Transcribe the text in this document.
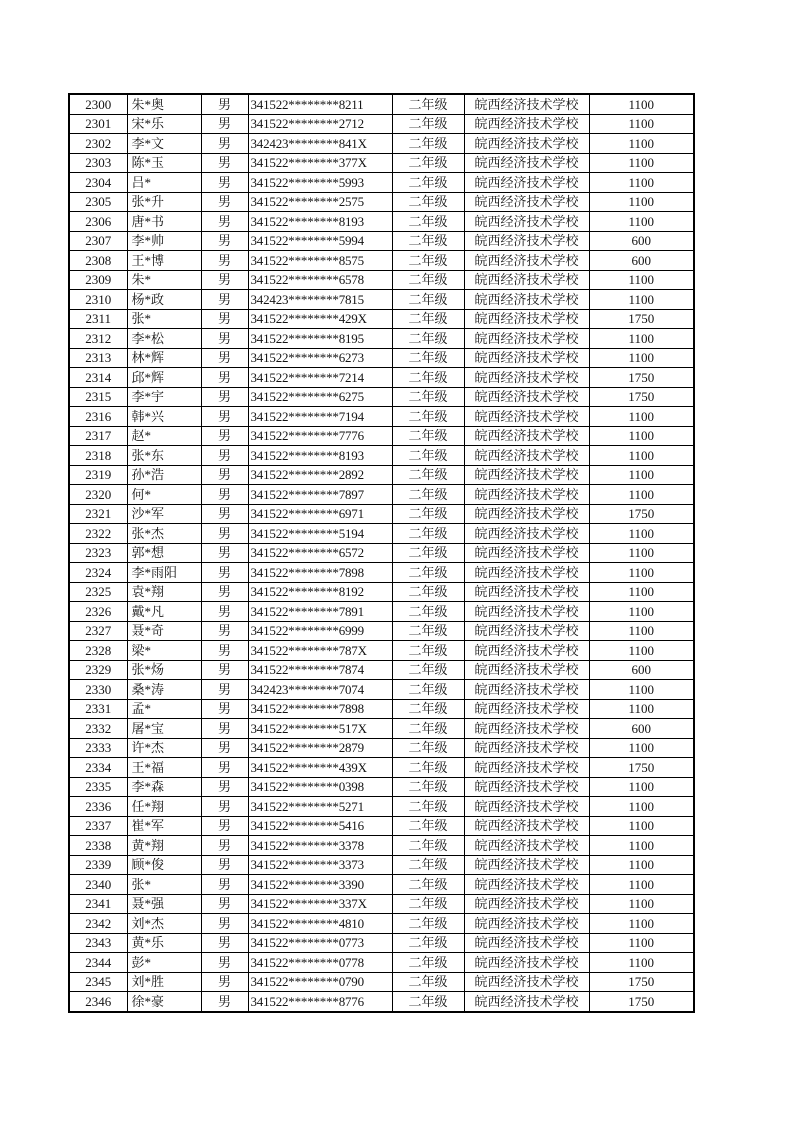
2300	朱*奥	男	341522********8211	二年级	皖西经济技术学校	1100
2301	宋*乐	男	341522********2712	二年级	皖西经济技术学校	1100
2302	李*文	男	342423********841X	二年级	皖西经济技术学校	1100
2303	陈*玉	男	341522********377X	二年级	皖西经济技术学校	1100
2304	吕*	男	341522********5993	二年级	皖西经济技术学校	1100
2305	张*升	男	341522********2575	二年级	皖西经济技术学校	1100
2306	唐*书	男	341522********8193	二年级	皖西经济技术学校	1100
2307	李*帅	男	341522********5994	二年级	皖西经济技术学校	600
2308	王*博	男	341522********8575	二年级	皖西经济技术学校	600
2309	朱*	男	341522********6578	二年级	皖西经济技术学校	1100
2310	杨*政	男	342423********7815	二年级	皖西经济技术学校	1100
2311	张*	男	341522********429X	二年级	皖西经济技术学校	1750
2312	李*松	男	341522********8195	二年级	皖西经济技术学校	1100
2313	林*辉	男	341522********6273	二年级	皖西经济技术学校	1100
2314	邱*辉	男	341522********7214	二年级	皖西经济技术学校	1750
2315	李*宇	男	341522********6275	二年级	皖西经济技术学校	1750
2316	韩*兴	男	341522********7194	二年级	皖西经济技术学校	1100
2317	赵*	男	341522********7776	二年级	皖西经济技术学校	1100
2318	张*东	男	341522********8193	二年级	皖西经济技术学校	1100
2319	孙*浩	男	341522********2892	二年级	皖西经济技术学校	1100
2320	何*	男	341522********7897	二年级	皖西经济技术学校	1100
2321	沙*军	男	341522********6971	二年级	皖西经济技术学校	1750
2322	张*杰	男	341522********5194	二年级	皖西经济技术学校	1100
2323	郭*想	男	341522********6572	二年级	皖西经济技术学校	1100
2324	李*雨阳	男	341522********7898	二年级	皖西经济技术学校	1100
2325	袁*翔	男	341522********8192	二年级	皖西经济技术学校	1100
2326	戴*凡	男	341522********7891	二年级	皖西经济技术学校	1100
2327	聂*奇	男	341522********6999	二年级	皖西经济技术学校	1100
2328	梁*	男	341522********787X	二年级	皖西经济技术学校	1100
2329	张*炀	男	341522********7874	二年级	皖西经济技术学校	600
2330	桑*涛	男	342423********7074	二年级	皖西经济技术学校	1100
2331	孟*	男	341522********7898	二年级	皖西经济技术学校	1100
2332	屠*宝	男	341522********517X	二年级	皖西经济技术学校	600
2333	许*杰	男	341522********2879	二年级	皖西经济技术学校	1100
2334	王*福	男	341522********439X	二年级	皖西经济技术学校	1750
2335	李*森	男	341522********0398	二年级	皖西经济技术学校	1100
2336	任*翔	男	341522********5271	二年级	皖西经济技术学校	1100
2337	崔*军	男	341522********5416	二年级	皖西经济技术学校	1100
2338	黄*翔	男	341522********3378	二年级	皖西经济技术学校	1100
2339	顾*俊	男	341522********3373	二年级	皖西经济技术学校	1100
2340	张*	男	341522********3390	二年级	皖西经济技术学校	1100
2341	聂*强	男	341522********337X	二年级	皖西经济技术学校	1100
2342	刘*杰	男	341522********4810	二年级	皖西经济技术学校	1100
2343	黄*乐	男	341522********0773	二年级	皖西经济技术学校	1100
2344	彭*	男	341522********0778	二年级	皖西经济技术学校	1100
2345	刘*胜	男	341522********0790	二年级	皖西经济技术学校	1750
2346	徐*豪	男	341522********8776	二年级	皖西经济技术学校	1750
